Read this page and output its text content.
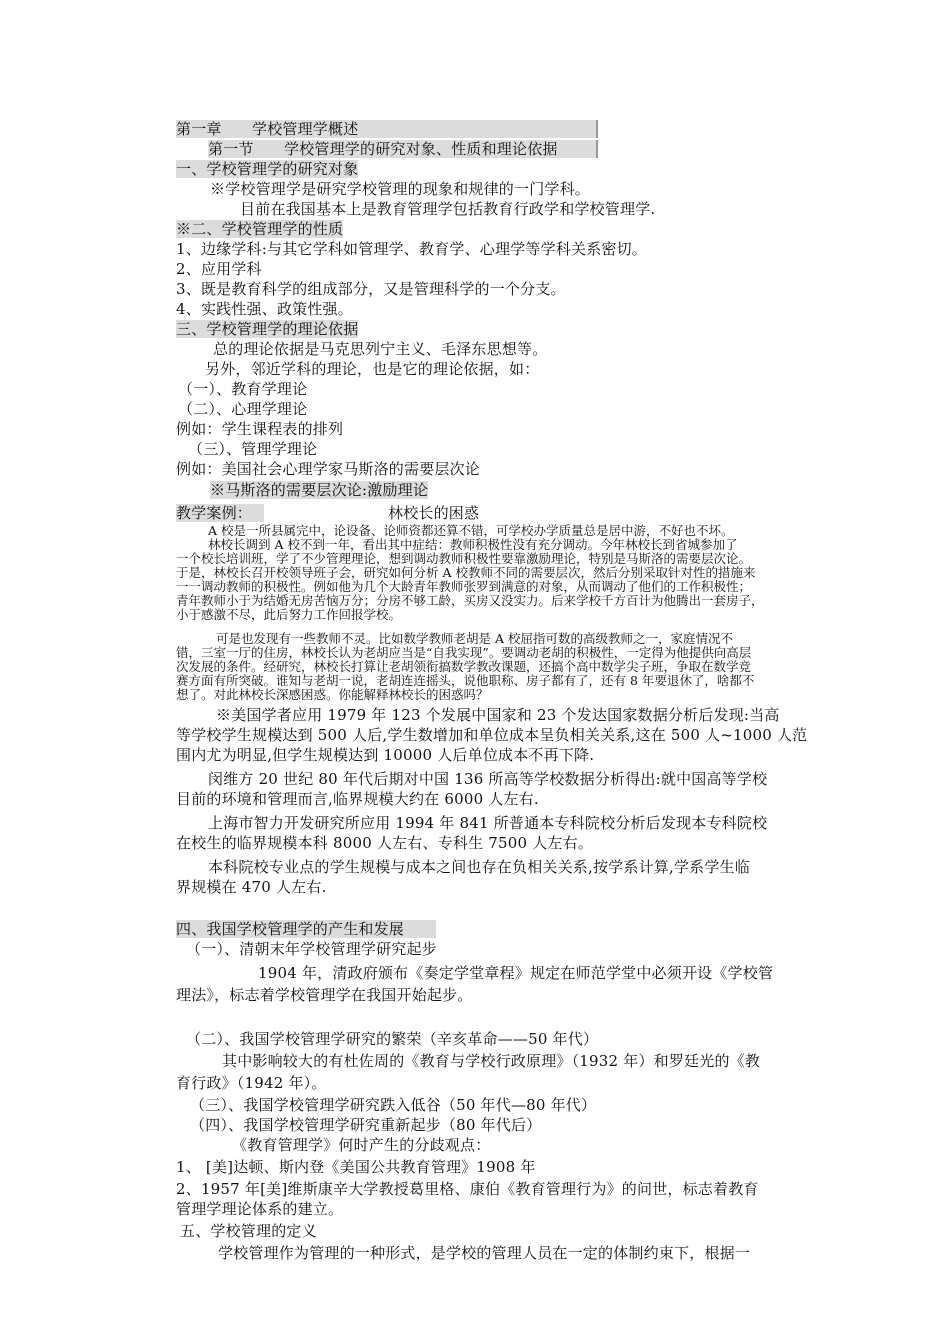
第一章　　学校管理学概述
第一节　　学校管理学的研究对象、性质和理论依据
一、学校管理学的研究对象
※学校管理学是研究学校管理的现象和规律的一门学科。
目前在我国基本上是教育管理学包括教育行政学和学校管理学.
※二、学校管理学的性质
1、边缘学科:与其它学科如管理学、教育学、心理学等学科关系密切。
2、应用学科
3、既是教育科学的组成部分，又是管理科学的一个分支。
4、实践性强、政策性强。
三、学校管理学的理论依据
总的理论依据是马克思列宁主义、毛泽东思想等。
另外，邻近学科的理论，也是它的理论依据，如：
（一）、教育学理论
（二）、心理学理论
例如：学生课程表的排列
（三）、管理学理论
例如：美国社会心理学家马斯洛的需要层次论
※马斯洛的需要层次论:激励理论
教学案例：	林校长的困惑
A 校是一所县属完中，论设备、论师资都还算不错，可学校办学质量总是居中游，不好也不坏。
林校长调到 A 校不到一年，看出其中症结：教师积极性没有充分调动。今年林校长到省城参加了
一个校长培训班，学了不少管理理论，想到调动教师积极性要靠激励理论，特别是马斯洛的需要层次论。
于是，林校长召开校领导班子会，研究如何分析 A 校教师不同的需要层次，然后分别采取针对性的措施来
一一调动教师的积极性。例如他为几个大龄青年教师张罗到满意的对象，从而调动了他们的工作积极性；
青年教师小于为结婚无房苦恼万分；分房不够工龄，买房又没实力。后来学校千方百计为他腾出一套房子，
小于感激不尽，此后努力工作回报学校。
可是也发现有一些教师不灵。比如数学教师老胡是 A 校屈指可数的高级教师之一，家庭情况不
错，三室一厅的住房，林校长认为老胡应当是“自我实现”。要调动老胡的积极性，一定得为他提供向高层
次发展的条件。经研究，林校长打算让老胡领衔搞数学教改课题，还搞个高中数学尖子班，争取在数学竞
赛方面有所突破。谁知与老胡一说，老胡连连摇头，说他职称、房子都有了，还有 8 年要退休了，啥都不
想了。对此林校长深感困惑。你能解释林校长的困惑吗？
※美国学者应用 1979 年 123 个发展中国家和 23 个发达国家数据分析后发现:当高
等学校学生规模达到 500 人后,学生数增加和单位成本呈负相关关系,这在 500 人~1000 人范
围内尤为明显,但学生规模达到 10000 人后单位成本不再下降.
闵维方 20 世纪 80 年代后期对中国 136 所高等学校数据分析得出:就中国高等学校
目前的环境和管理而言,临界规模大约在 6000 人左右.
上海市智力开发研究所应用 1994 年 841 所普通本专科院校分析后发现本专科院校
在校生的临界规模本科 8000 人左右、专科生 7500 人左右。
本科院校专业点的学生规模与成本之间也存在负相关关系,按学系计算,学系学生临
界规模在 470 人左右.
四、我国学校管理学的产生和发展
（一）、清朝末年学校管理学研究起步
1904 年，清政府颁布《奏定学堂章程》规定在师范学堂中必须开设《学校管
理法》，标志着学校管理学在我国开始起步。
（二）、我国学校管理学研究的繁荣（辛亥革命——50 年代）
其中影响较大的有杜佐周的《教育与学校行政原理》（1932 年）和罗廷光的《教
育行政》（1942 年）。
（三）、我国学校管理学研究跌入低谷（50 年代—80 年代）
（四）、我国学校管理学研究重新起步（80 年代后）
《教育管理学》何时产生的分歧观点：
1、 [美]达顿、斯内登《美国公共教育管理》1908 年
2、1957 年[美]维斯康辛大学教授葛里格、康伯《教育管理行为》的问世，标志着教育
管理学理论体系的建立。
五、学校管理的定义
学校管理作为管理的一种形式，是学校的管理人员在一定的体制约束下，根据一
